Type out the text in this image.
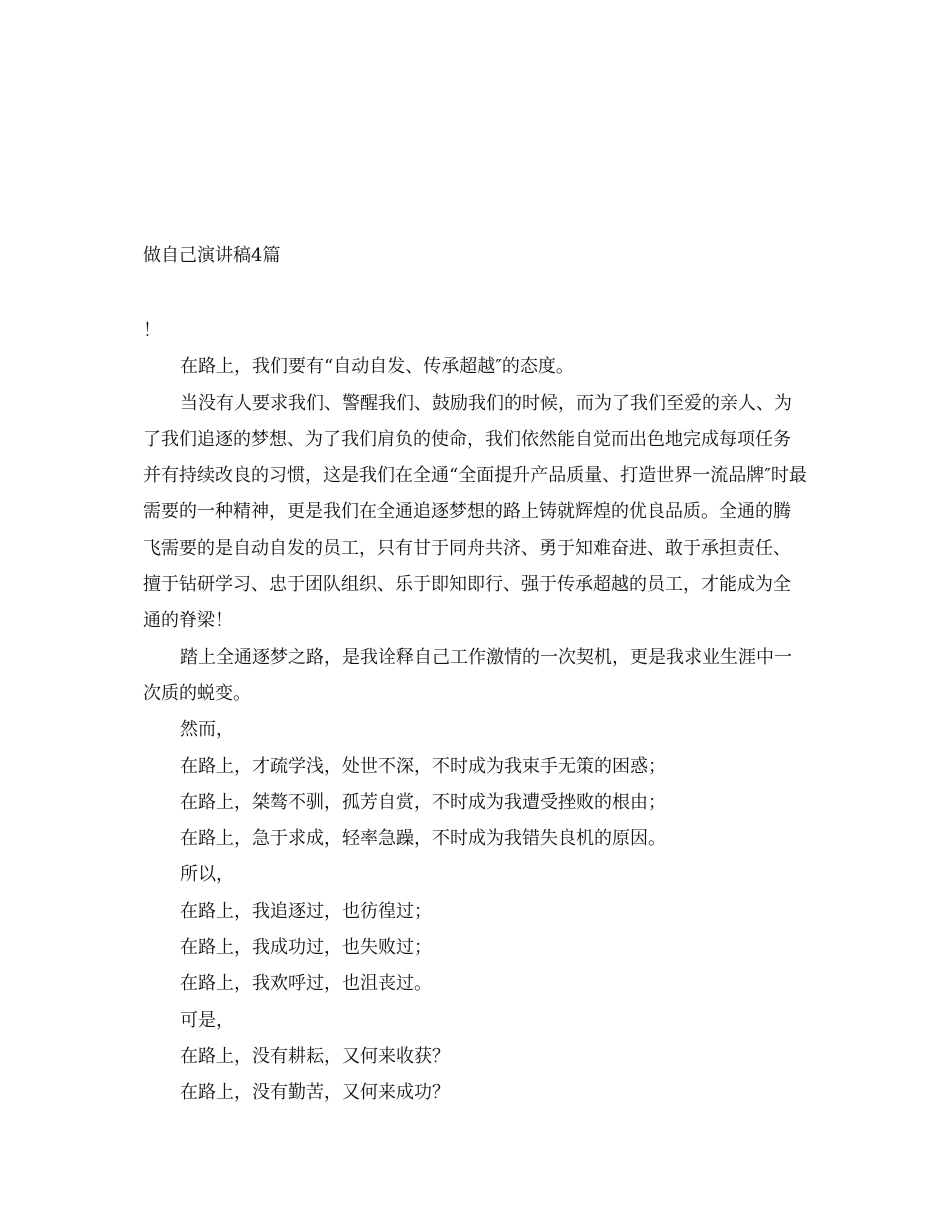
做自己演讲稿4篇

！

在路上，我们要有“自动自发、传承超越″的态度。

当没有人要求我们、警醒我们、鼓励我们的时候，而为了我们至爱的亲人、为了我们追逐的梦想、为了我们肩负的使命，我们依然能自觉而出色地完成每项任务并有持续改良的习惯，这是我们在全通“全面提升产品质量、打造世界一流品牌″时最需要的一种精神，更是我们在全通追逐梦想的路上铸就辉煌的优良品质。全通的腾飞需要的是自动自发的员工，只有甘于同舟共济、勇于知难奋进、敢于承担责任、擅于钻研学习、忠于团队组织、乐于即知即行、强于传承超越的员工，才能成为全通的脊梁！

踏上全通逐梦之路，是我诠释自己工作激情的一次契机，更是我求业生涯中一次质的蜕变。

然而，

在路上，才疏学浅，处世不深，不时成为我束手无策的困惑；

在路上，桀骜不驯，孤芳自赏，不时成为我遭受挫败的根由；

在路上，急于求成，轻率急躁，不时成为我错失良机的原因。

所以，

在路上，我追逐过，也彷徨过；

在路上，我成功过，也失败过；

在路上，我欢呼过，也沮丧过。

可是，

在路上，没有耕耘，又何来收获？

在路上，没有勤苦，又何来成功？
